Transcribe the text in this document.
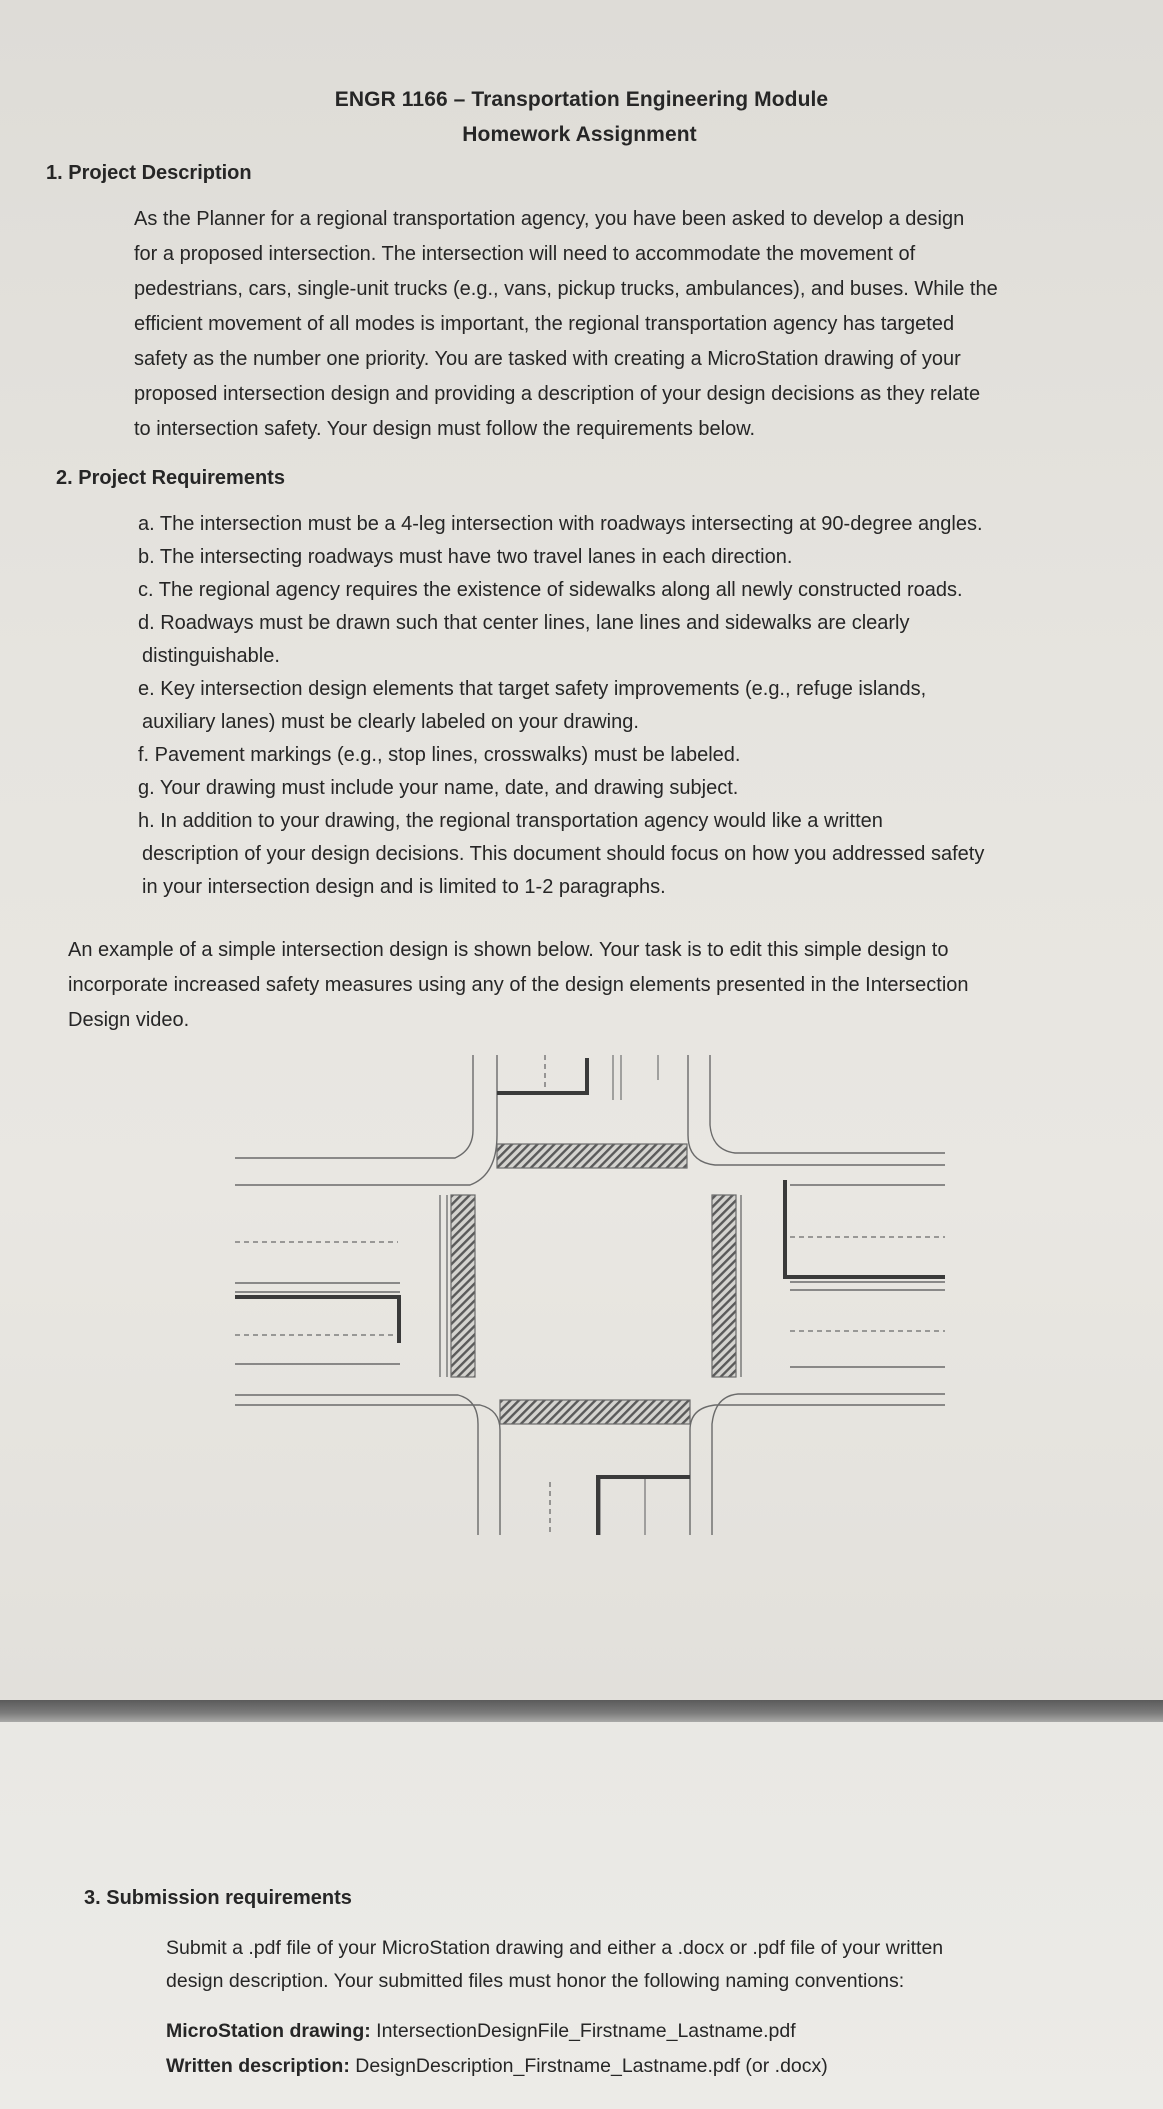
ENGR 1166 – Transportation Engineering Module
Homework Assignment
1. Project Description
As the Planner for a regional transportation agency, you have been asked to develop a design
for a proposed intersection. The intersection will need to accommodate the movement of
pedestrians, cars, single-unit trucks (e.g., vans, pickup trucks, ambulances), and buses. While the
efficient movement of all modes is important, the regional transportation agency has targeted
safety as the number one priority. You are tasked with creating a MicroStation drawing of your
proposed intersection design and providing a description of your design decisions as they relate
to intersection safety. Your design must follow the requirements below.
2. Project Requirements
a. The intersection must be a 4-leg intersection with roadways intersecting at 90-degree angles.
b. The intersecting roadways must have two travel lanes in each direction.
c. The regional agency requires the existence of sidewalks along all newly constructed roads.
d. Roadways must be drawn such that center lines, lane lines and sidewalks are clearly
distinguishable.
e. Key intersection design elements that target safety improvements (e.g., refuge islands,
auxiliary lanes) must be clearly labeled on your drawing.
f. Pavement markings (e.g., stop lines, crosswalks) must be labeled.
g. Your drawing must include your name, date, and drawing subject.
h. In addition to your drawing, the regional transportation agency would like a written
description of your design decisions. This document should focus on how you addressed safety
in your intersection design and is limited to 1-2 paragraphs.
An example of a simple intersection design is shown below. Your task is to edit this simple design to
incorporate increased safety measures using any of the design elements presented in the Intersection
Design video.
3. Submission requirements
Submit a .pdf file of your MicroStation drawing and either a .docx or .pdf file of your written
design description. Your submitted files must honor the following naming conventions:
MicroStation drawing: IntersectionDesignFile_Firstname_Lastname.pdf
Written description: DesignDescription_Firstname_Lastname.pdf (or .docx)
